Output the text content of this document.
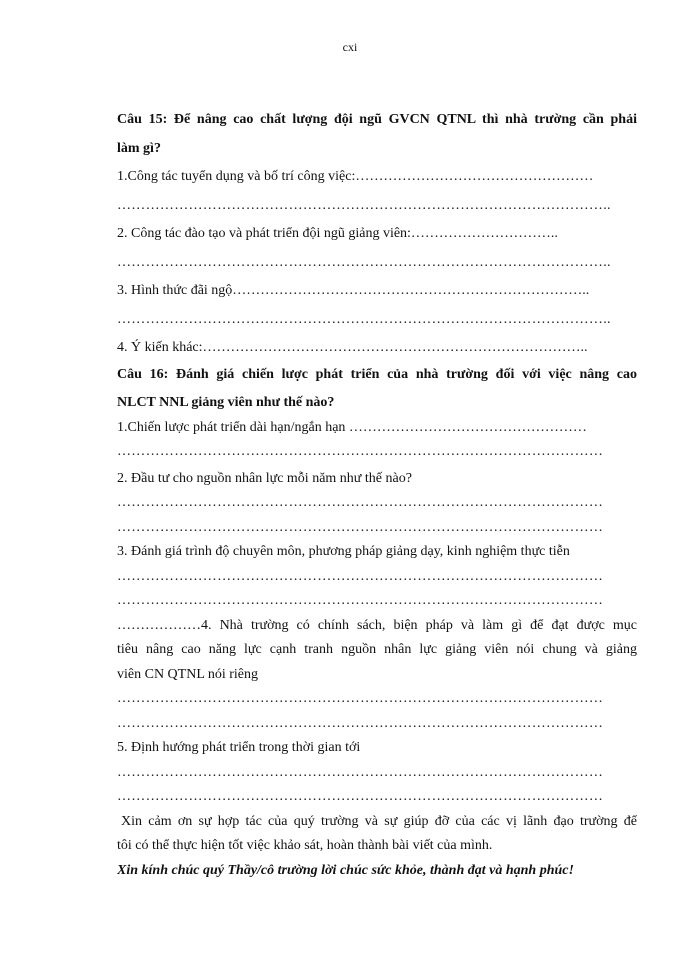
cxi
Câu 15: Để nâng cao chất lượng đội ngũ GVCN QTNL thì nhà trường cần phải
làm gì?
1.Công tác tuyển dụng và bố trí công việc:……………………………………………
…………………………………………………………………………………………..
2. Công tác đào tạo và phát triển đội ngũ giảng viên:…………………………..
…………………………………………………………………………………………..
3. Hình thức đãi ngộ…………………………………………………………………..
…………………………………………………………………………………………..
4. Ý kiến khác:………………………………………………………………………..
Câu 16: Đánh giá chiến lược phát triển của nhà trường đối với việc nâng cao
NLCT NNL giảng viên như thế nào?
1.Chiến lược phát triển dài hạn/ngắn hạn ……………………………………………
…………………………………………………………………………………………
2. Đầu tư cho nguồn nhân lực mỗi năm như thế nào?
…………………………………………………………………………………………
…………………………………………………………………………………………
3. Đánh giá trình độ chuyên môn, phương pháp giảng dạy, kinh nghiệm thực tiễn
…………………………………………………………………………………………
…………………………………………………………………………………………
………………4. Nhà trường có chính sách, biện pháp và làm gì để đạt được mục
tiêu nâng cao năng lực cạnh tranh nguồn nhân lực giảng viên nói chung và giảng
viên CN QTNL nói riêng
…………………………………………………………………………………………
…………………………………………………………………………………………
5. Định hướng phát triển trong thời gian tới
…………………………………………………………………………………………
…………………………………………………………………………………………
Xin cảm ơn sự hợp tác của quý trường và sự giúp đỡ của các vị lãnh đạo trường để
tôi có thể thực hiện tốt việc khảo sát, hoàn thành bài viết của mình.
Xin kính chúc quý Thầy/cô trường lời chúc sức khỏe, thành đạt và hạnh phúc!
